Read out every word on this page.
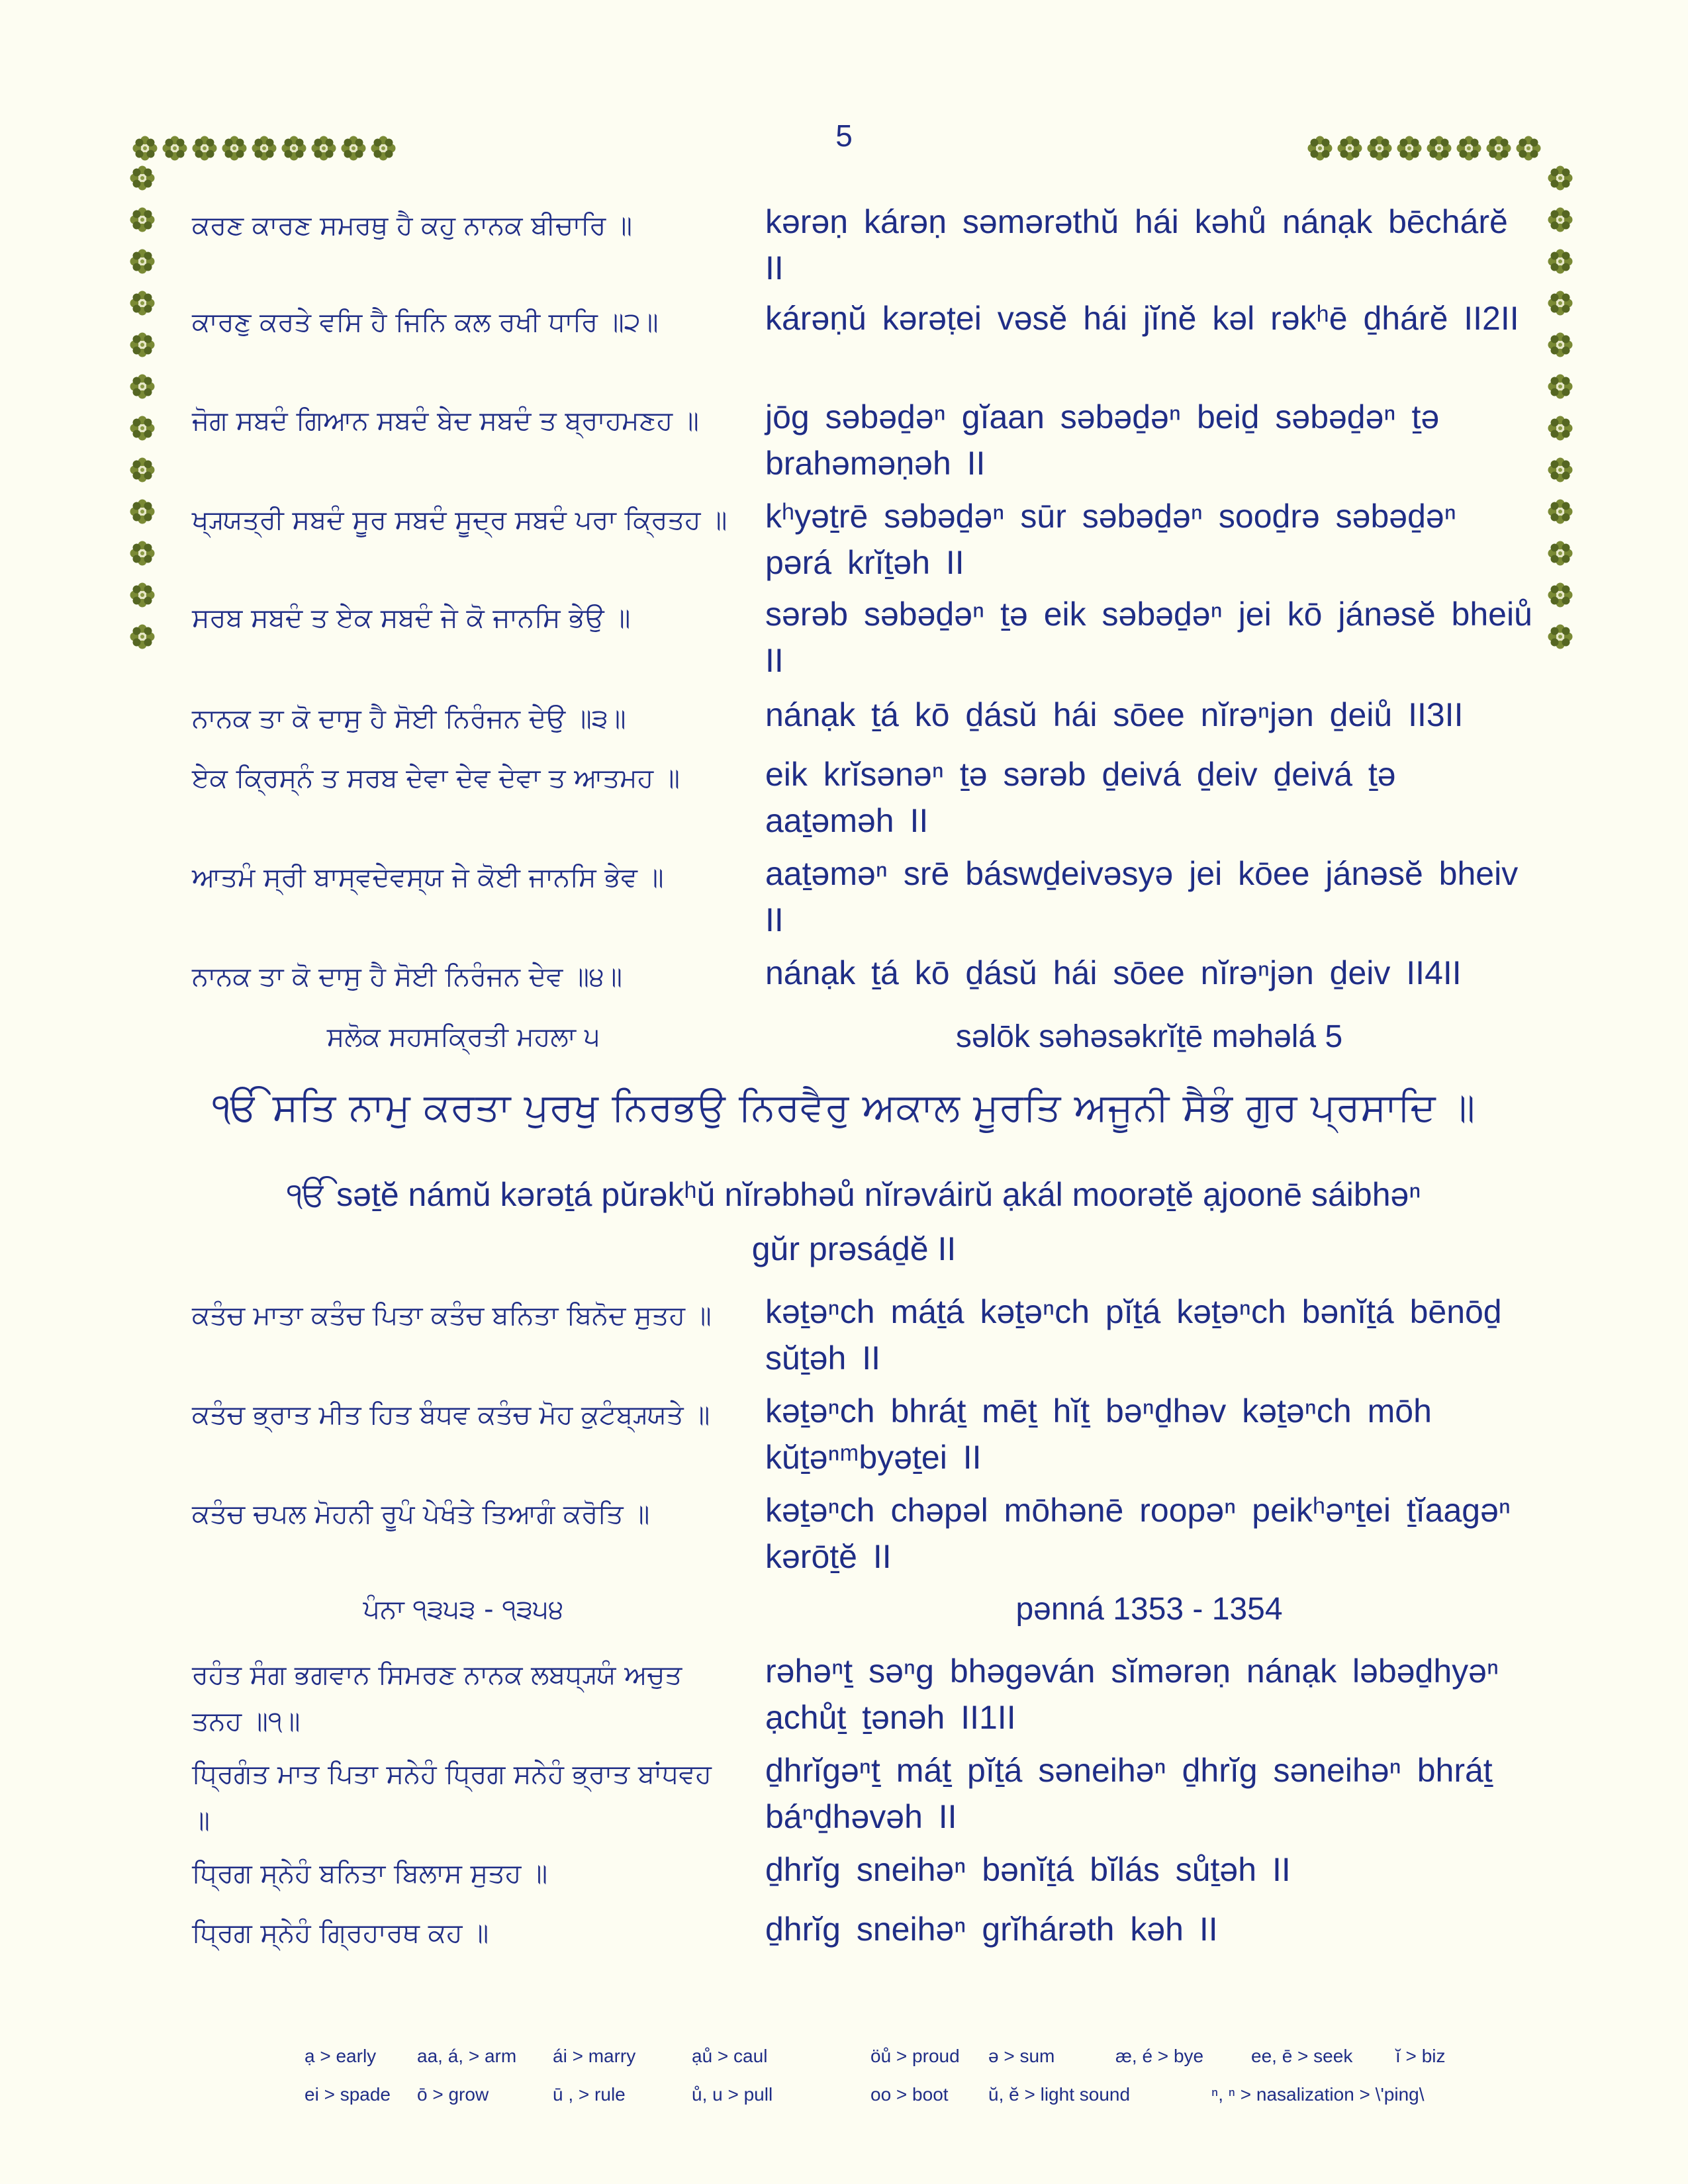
5
ਕਰਣ ਕਾਰਣ ਸਮਰਥੁ ਹੈ ਕਹੁ ਨਾਨਕ ਬੀਚਾਰਿ ॥	kərəṇ kárəṇ səmərəthŭ hái kəhů nánạk bēchárĕ II
ਕਾਰਣੁ ਕਰਤੇ ਵਸਿ ਹੈ ਜਿਨਿ ਕਲ ਰਖੀ ਧਾਰਿ ॥੨॥	kárəṇŭ kərəṭei vəsĕ hái jĭnĕ kəl rəkʰē ḏhárĕ II2II
ਜੋਗ ਸਬਦੰ ਗਿਆਨ ਸਬਦੰ ਬੇਦ ਸਬਦੰ ਤ ਬ੍ਰਾਹਮਣਹ ॥	jōg səbəḏəⁿ gĭaan səbəḏəⁿ beiḏ səbəḏəⁿ ṯə brahəməṇəh II
ਖ੍ਯ੍ਯਤ੍ਰੀ ਸਬਦੰ ਸੂਰ ਸਬਦੰ ਸੂਦ੍ਰ ਸਬਦੰ ਪਰਾ ਕ੍ਰਿਤਹ ॥ kʰyəṯrē səbəḏəⁿ sūr səbəḏəⁿ sooḏrə səbəḏəⁿ pərá krĭṯəh II
ਸਰਬ ਸਬਦੰ ਤ ਏਕ ਸਬਦੰ ਜੇ ਕੋ ਜਾਨਸਿ ਭੇਉ ॥	sərəb səbəḏəⁿ ṯə eik səbəḏəⁿ jei kō jánəsĕ bheiů II
ਨਾਨਕ ਤਾ ਕੋ ਦਾਸੁ ਹੈ ਸੋਈ ਨਿਰੰਜਨ ਦੇਉ ॥੩॥	nánạk ṯá kō ḏásŭ hái sōee nĭrəⁿjən ḏeiů II3II
ਏਕ ਕ੍ਰਿਸ੍ਨੰ ਤ ਸਰਬ ਦੇਵਾ ਦੇਵ ਦੇਵਾ ਤ ਆਤਮਹ ॥	eik krĭsənəⁿ ṯə sərəb ḏeivá ḏeiv ḏeivá ṯə aaṯəməh II
ਆਤਮੰ ਸ੍ਰੀ ਬਾਸ੍ਵਦੇਵਸ੍ਯ ਜੇ ਕੋਈ ਜਾਨਸਿ ਭੇਵ ॥	aaṯəməⁿ srē báswḏeivəsyə jei kōee jánəsĕ bheiv II
ਨਾਨਕ ਤਾ ਕੋ ਦਾਸੁ ਹੈ ਸੋਈ ਨਿਰੰਜਨ ਦੇਵ ॥੪॥	nánạk ṯá kō ḏásŭ hái sōee nĭrəⁿjən ḏeiv II4II
ਸਲੋਕ ਸਹਸਕ੍ਰਿਤੀ ਮਹਲਾ ੫	səlōk səhəsəkrĭṯē məhəlá 5
ੴ ਸਤਿ ਨਾਮੁ ਕਰਤਾ ਪੁਰਖੁ ਨਿਰਭਉ ਨਿਰਵੈਰੁ ਅਕਾਲ ਮੂਰਤਿ ਅਜੂਨੀ ਸੈਭੰ ਗੁਰ ਪ੍ਰਸਾਦਿ ॥
ੴ səṯĕ námŭ kərəṯá pŭrəkʰŭ nĭrəbhəů nĭrəváirŭ ạkál moorəṯĕ ạjoonē sáibhəⁿ
gŭr prəsáḏĕ II
ਕਤੰਚ ਮਾਤਾ ਕਤੰਚ ਪਿਤਾ ਕਤੰਚ ਬਨਿਤਾ ਬਿਨੋਦ ਸੁਤਹ ॥	kəṯəⁿch máṯá kəṯəⁿch pĭṯá kəṯəⁿch bənĭṯá bēnōḏ sŭṯəh II
ਕਤੰਚ ਭ੍ਰਾਤ ਮੀਤ ਹਿਤ ਬੰਧਵ ਕਤੰਚ ਮੋਹ ਕੁਟੰਬ੍ਯ੍ਯਤੇ ॥	kəṯəⁿch bhráṯ mēṯ hĭṯ bəⁿḏhəv kəṯəⁿch mōh kŭṯəⁿᵐbyəṯei II
ਕਤੰਚ ਚਪਲ ਮੋਹਨੀ ਰੂਪੰ ਪੇਖੰਤੇ ਤਿਆਗੰ ਕਰੋਤਿ ॥	kəṯəⁿch chəpəl mōhənē roopəⁿ peikʰəⁿṯei ṯĭaagəⁿ kərōṯĕ II
ਪੰਨਾ ੧੩੫੩ - ੧੩੫੪	pənná 1353 - 1354
ਰਹੰਤ ਸੰਗ ਭਗਵਾਨ ਸਿਮਰਣ ਨਾਨਕ ਲਬਧ੍ਯ੍ਯੰ ਅਚੁਤ ਤਨਹ ॥੧॥
rəhəⁿṯ səⁿg bhəgəván sĭmərəṇ nánạk ləbəḏhyəⁿ ạchůṯ ṯənəh II1II
ਧ੍ਰਿਗੰਤ ਮਾਤ ਪਿਤਾ ਸਨੇਹੰ ਧ੍ਰਿਗ ਸਨੇਹੰ ਭ੍ਰਾਤ ਬਾਂਧਵਹ ॥
ḏhrĭgəⁿṯ máṯ pĭṯá səneihəⁿ ḏhrĭg səneihəⁿ bhráṯ báⁿḏhəvəh II
ਧ੍ਰਿਗ ਸ੍ਨੇਹੰ ਬਨਿਤਾ ਬਿਲਾਸ ਸੁਤਹ ॥	ḏhrĭg sneihəⁿ bənĭṯá bĭlás sůṯəh II
ਧ੍ਰਿਗ ਸ੍ਨੇਹੰ ਗ੍ਰਿਹਾਰਥ ਕਹ ॥	ḏhrĭg sneihəⁿ grĭhárəth kəh II
ạ > early aa, á, > arm ái > marry	ạů > caul	öů > proud ə > sum	æ, é > bye	ee, ē > seek ĭ > biz
ei > spade ō > grow	ū , > rule	ů, u > pull	oo > boot ŭ, ĕ > light sound	ⁿ, ⁿ > nasalization > \'ping\
